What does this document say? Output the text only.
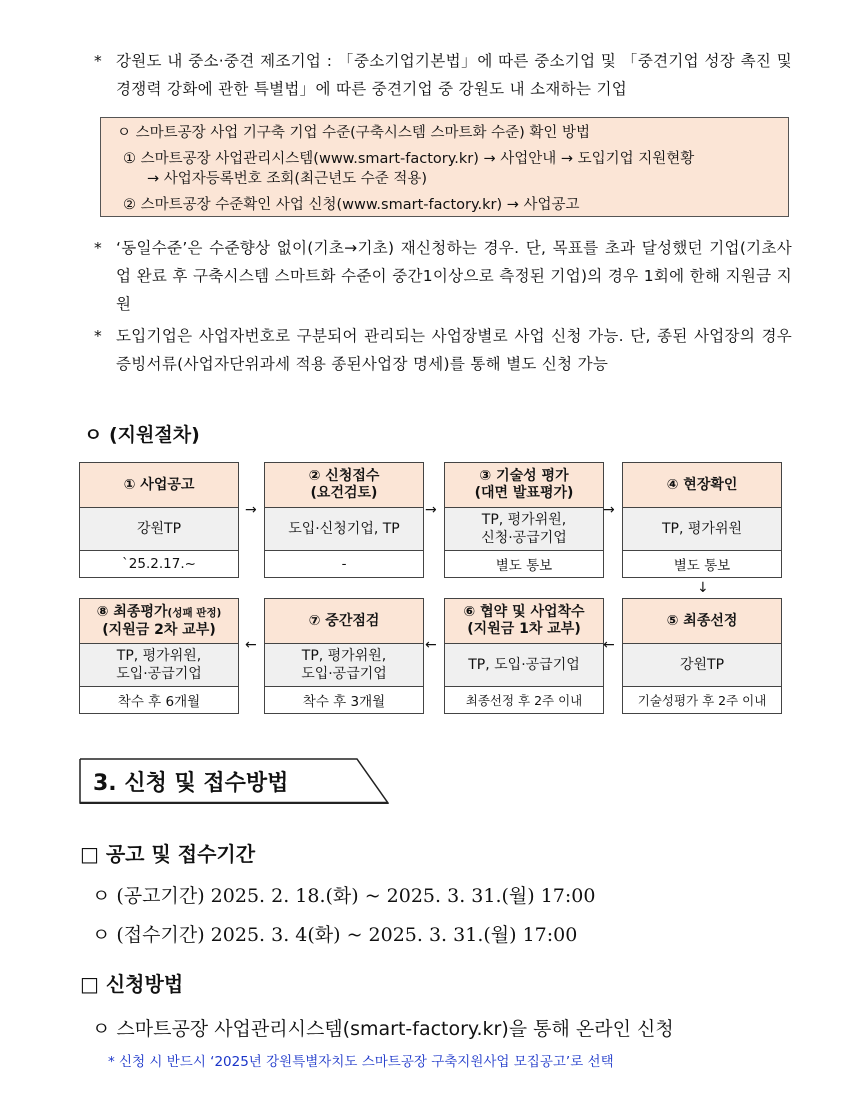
* 강원도 내 중소·중견 제조기업 : 「중소기업기본법」에 따른 중소기업 및 「중견기업 성장 촉진 및 경쟁력 강화에 관한 특별법」에 따른 중견기업 중 강원도 내 소재하는 기업
ㅇ 스마트공장 사업 기구축 기업 수준(구축시스템 스마트화 수준) 확인 방법
① 스마트공장 사업관리시스템(www.smart-factory.kr) → 사업안내 → 도입기업 지원현황
→ 사업자등록번호 조회(최근년도 수준 적용)
② 스마트공장 수준확인 사업 신청(www.smart-factory.kr) → 사업공고
* ‘동일수준’은 수준향상 없이(기초→기초) 재신청하는 경우. 단, 목표를 초과 달성했던 기업(기초사업 완료 후 구축시스템 스마트화 수준이 중간1이상으로 측정된 기업)의 경우 1회에 한해 지원금 지원
* 도입기업은 사업자번호로 구분되어 관리되는 사업장별로 사업 신청 가능. 단, 종된 사업장의 경우 증빙서류(사업자단위과세 적용 종된사업장 명세)를 통해 별도 신청 가능
ㅇ (지원절차)
① 사업공고
강원TP
`25.2.17.~
→
② 신청접수
(요건검토)
도입·신청기업, TP
-
→
③ 기술성 평가
(대면 발표평가)
TP, 평가위원,
신청·공급기업
별도 통보
→
④ 현장확인
TP, 평가위원
별도 통보
↓
⑧ 최종평가(성패 판정)
(지원금 2차 교부)
TP, 평가위원,
도입·공급기업
착수 후 6개월
←
⑦ 중간점검
TP, 평가위원,
도입·공급기업
착수 후 3개월
←
⑥ 협약 및 사업착수
(지원금 1차 교부)
TP, 도입·공급기업
최종선정 후 2주 이내
←
⑤ 최종선정
강원TP
기술성평가 후 2주 이내
3. 신청 및 접수방법
□ 공고 및 접수기간
ㅇ (공고기간) 2025. 2. 18.(화) ~ 2025. 3. 31.(월) 17:00
ㅇ (접수기간) 2025. 3. 4(화) ~ 2025. 3. 31.(월) 17:00
□ 신청방법
ㅇ 스마트공장 사업관리시스템(smart-factory.kr)을 통해 온라인 신청
* 신청 시 반드시 ‘2025년 강원특별자치도 스마트공장 구축지원사업 모집공고’로 선택
